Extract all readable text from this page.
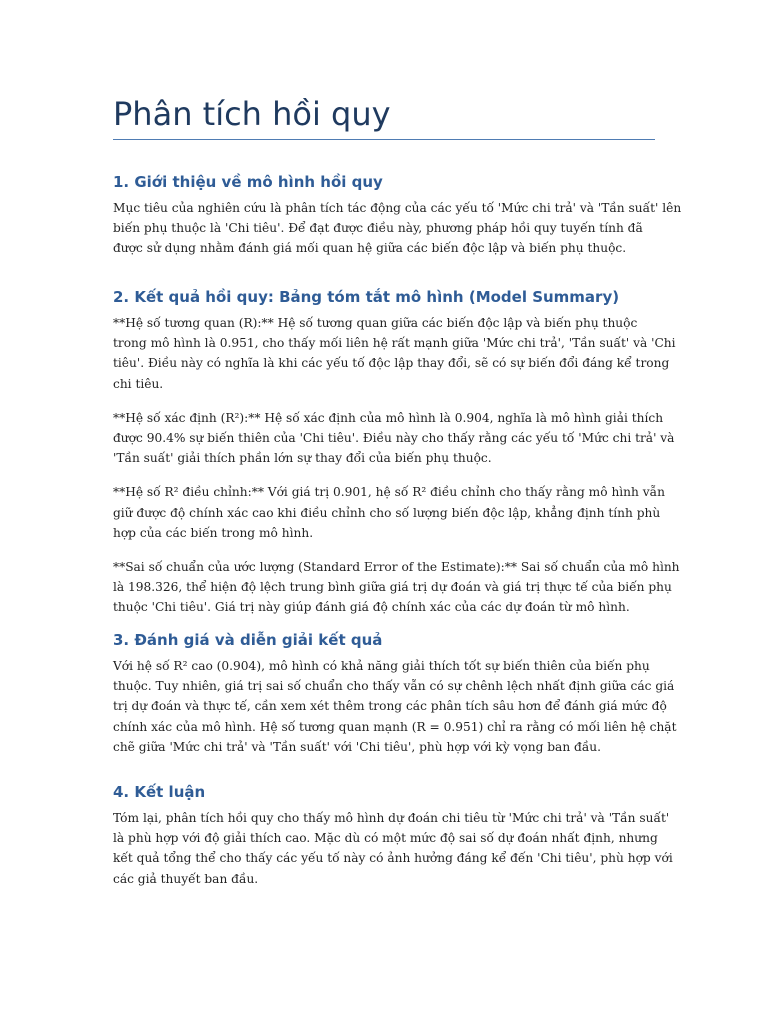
Phân tích hồi quy
1. Giới thiệu về mô hình hồi quy

Mục tiêu của nghiên cứu là phân tích tác động của các yếu tố 'Mức chi trả' và 'Tần suất' lên
biến phụ thuộc là 'Chi tiêu'. Để đạt được điều này, phương pháp hồi quy tuyến tính đã
được sử dụng nhằm đánh giá mối quan hệ giữa các biến độc lập và biến phụ thuộc.

2. Kết quả hồi quy: Bảng tóm tắt mô hình (Model Summary)

**Hệ số tương quan (R):** Hệ số tương quan giữa các biến độc lập và biến phụ thuộc
trong mô hình là 0.951, cho thấy mối liên hệ rất mạnh giữa 'Mức chi trả', 'Tần suất' và 'Chi
tiêu'. Điều này có nghĩa là khi các yếu tố độc lập thay đổi, sẽ có sự biến đổi đáng kể trong
chi tiêu.

**Hệ số xác định (R²):** Hệ số xác định của mô hình là 0.904, nghĩa là mô hình giải thích
được 90.4% sự biến thiên của 'Chi tiêu'. Điều này cho thấy rằng các yếu tố 'Mức chi trả' và
'Tần suất' giải thích phần lớn sự thay đổi của biến phụ thuộc.

**Hệ số R² điều chỉnh:** Với giá trị 0.901, hệ số R² điều chỉnh cho thấy rằng mô hình vẫn
giữ được độ chính xác cao khi điều chỉnh cho số lượng biến độc lập, khẳng định tính phù
hợp của các biến trong mô hình.

**Sai số chuẩn của ước lượng (Standard Error of the Estimate):** Sai số chuẩn của mô hình
là 198.326, thể hiện độ lệch trung bình giữa giá trị dự đoán và giá trị thực tế của biến phụ
thuộc 'Chi tiêu'. Giá trị này giúp đánh giá độ chính xác của các dự đoán từ mô hình.

3. Đánh giá và diễn giải kết quả

Với hệ số R² cao (0.904), mô hình có khả năng giải thích tốt sự biến thiên của biến phụ
thuộc. Tuy nhiên, giá trị sai số chuẩn cho thấy vẫn có sự chênh lệch nhất định giữa các giá
trị dự đoán và thực tế, cần xem xét thêm trong các phân tích sâu hơn để đánh giá mức độ
chính xác của mô hình. Hệ số tương quan mạnh (R = 0.951) chỉ ra rằng có mối liên hệ chặt
chẽ giữa 'Mức chi trả' và 'Tần suất' với 'Chi tiêu', phù hợp với kỳ vọng ban đầu.

4. Kết luận

Tóm lại, phân tích hồi quy cho thấy mô hình dự đoán chi tiêu từ 'Mức chi trả' và 'Tần suất'
là phù hợp với độ giải thích cao. Mặc dù có một mức độ sai số dự đoán nhất định, nhưng
kết quả tổng thể cho thấy các yếu tố này có ảnh hưởng đáng kể đến 'Chi tiêu', phù hợp với
các giả thuyết ban đầu.
